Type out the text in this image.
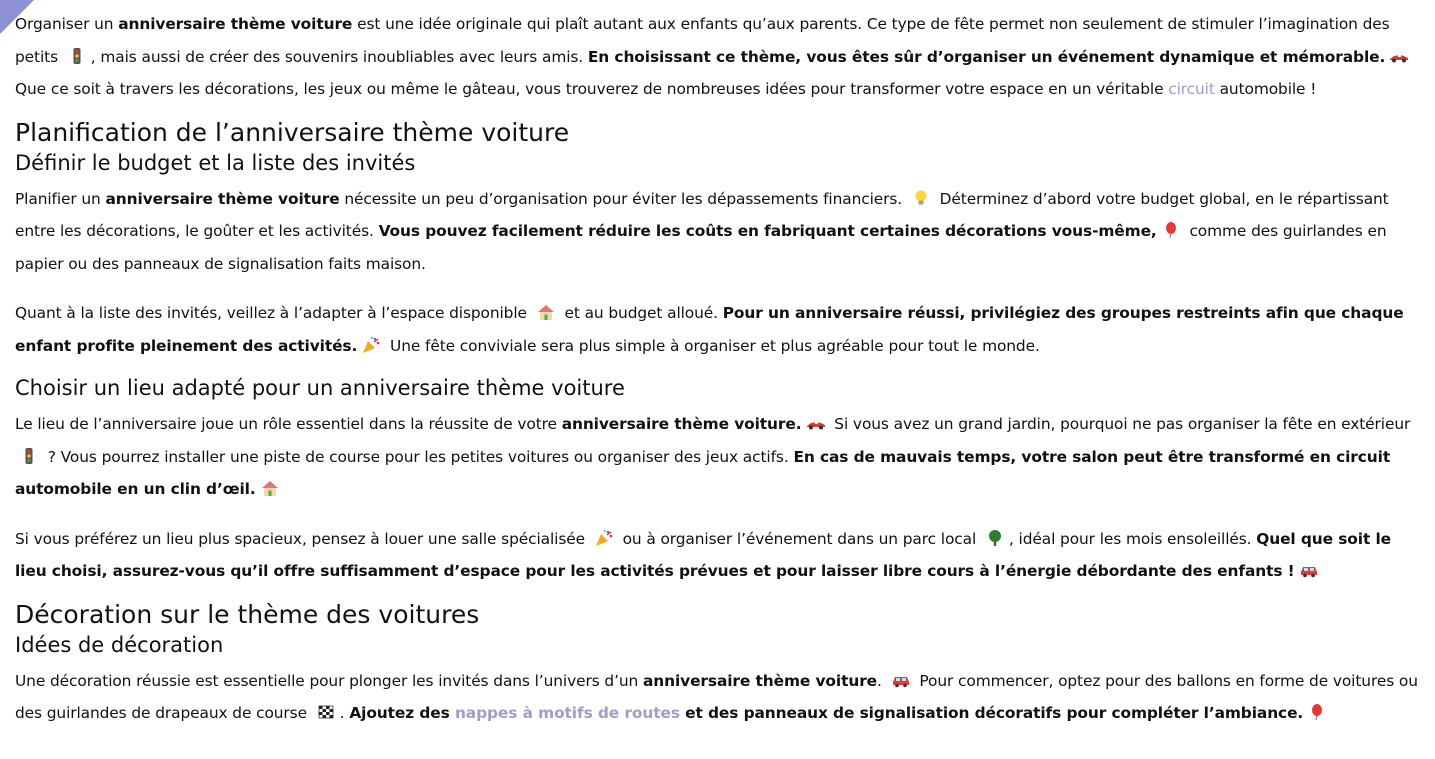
Organiser un anniversaire thème voiture est une idée originale qui plaît autant aux enfants qu’aux parents. Ce type de fête permet non seulement de stimuler l’imagination des petits , mais aussi de créer des souvenirs inoubliables avec leurs amis. En choisissant ce thème, vous êtes sûr d’organiser un événement dynamique et mémorable.Que ce soit à travers les décorations, les jeux ou même le gâteau, vous trouverez de nombreuses idées pour transformer votre espace en un véritable circuit automobile !

Planification de l’anniversaire thème voiture
Définir le budget et la liste des invités

Planifier un anniversaire thème voiture nécessite un peu d’organisation pour éviter les dépassements financiers.  Déterminez d’abord votre budget global, en le répartissant entre les décorations, le goûter et les activités. Vous pouvez facilement réduire les coûts en fabriquant certaines décorations vous-même, comme des guirlandes en papier ou des panneaux de signalisation faits maison.

Quant à la liste des invités, veillez à l’adapter à l’espace disponible  et au budget alloué. Pour un anniversaire réussi, privilégiez des groupes restreints afin que chaque enfant profite pleinement des activités. Une fête conviviale sera plus simple à organiser et plus agréable pour tout le monde.

Choisir un lieu adapté pour un anniversaire thème voiture

Le lieu de l’anniversaire joue un rôle essentiel dans la réussite de votre anniversaire thème voiture. Si vous avez un grand jardin, pourquoi ne pas organiser la fête en extérieur  ? Vous pourrez installer une piste de course pour les petites voitures ou organiser des jeux actifs. En cas de mauvais temps, votre salon peut être transformé en circuit automobile en un clin d’œil.

Si vous préférez un lieu plus spacieux, pensez à louer une salle spécialisée  ou à organiser l’événement dans un parc local , idéal pour les mois ensoleillés. Quel que soit le lieu choisi, assurez-vous qu’il offre suffisamment d’espace pour les activités prévues et pour laisser libre cours à l’énergie débordante des enfants !

Décoration sur le thème des voitures
Idées de décoration

Une décoration réussie est essentielle pour plonger les invités dans l’univers d’un anniversaire thème voiture.  Pour commencer, optez pour des ballons en forme de voitures ou des guirlandes de drapeaux de course . Ajoutez des nappes à motifs de routes et des panneaux de signalisation décoratifs pour compléter l’ambiance.
